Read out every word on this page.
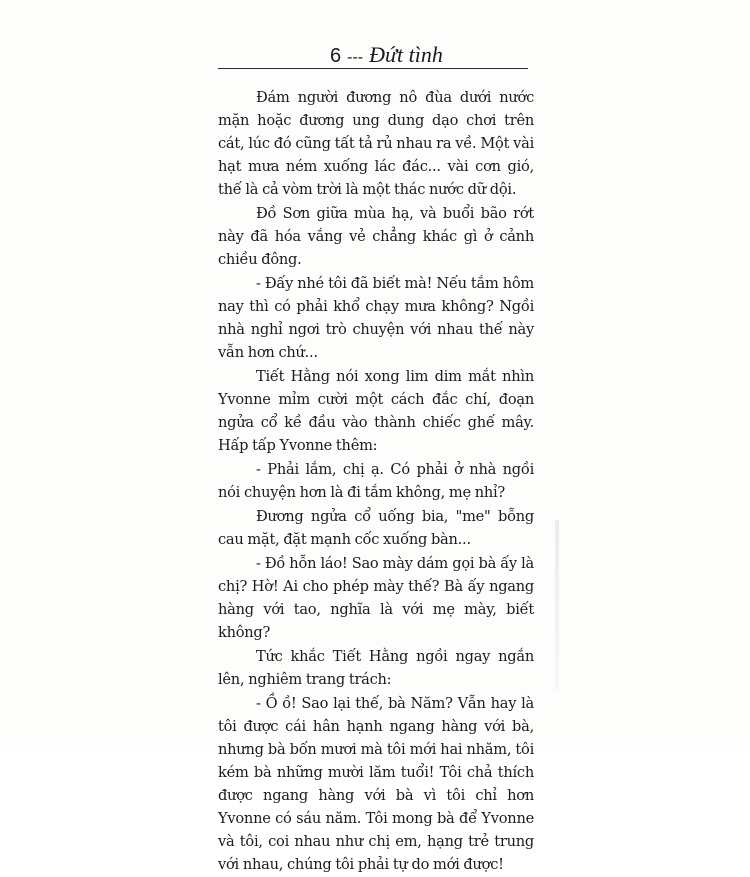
6 --- Đứt tình

Đám người đương nô đùa dưới nước mặn hoặc đương ung dung dạo chơi trên cát, lúc đó cũng tất tả rủ nhau ra về. Một vài hạt mưa ném xuống lác đác... vài cơn gió, thế là cả vòm trời là một thác nước dữ dội.

Đồ Sơn giữa mùa hạ, và buổi bão rớt này đã hóa vắng vẻ chẳng khác gì ở cảnh chiều đông.

- Đấy nhé tôi đã biết mà! Nếu tắm hôm nay thì có phải khổ chạy mưa không? Ngồi nhà nghỉ ngơi trò chuyện với nhau thế này vẫn hơn chứ...

Tiết Hằng nói xong lim dim mắt nhìn Yvonne mỉm cười một cách đắc chí, đoạn ngửa cổ kề đầu vào thành chiếc ghế mây. Hấp tấp Yvonne thêm:

- Phải lắm, chị ạ. Có phải ở nhà ngồi nói chuyện hơn là đi tắm không, mẹ nhỉ?

Đương ngửa cổ uống bia, "me" bỗng cau mặt, đặt mạnh cốc xuống bàn...

- Đồ hỗn láo! Sao mày dám gọi bà ấy là chị? Hờ! Ai cho phép mày thế? Bà ấy ngang hàng với tao, nghĩa là với mẹ mày, biết không?

Tức khắc Tiết Hằng ngồi ngay ngắn lên, nghiêm trang trách:

- Ồ ồ! Sao lại thế, bà Năm? Vẫn hay là tôi được cái hân hạnh ngang hàng với bà, nhưng bà bốn mươi mà tôi mới hai nhăm, tôi kém bà những mười lăm tuổi! Tôi chả thích được ngang hàng với bà vì tôi chỉ hơn Yvonne có sáu năm. Tôi mong bà để Yvonne và tôi, coi nhau như chị em, hạng trẻ trung với nhau, chúng tôi phải tự do mới được!
